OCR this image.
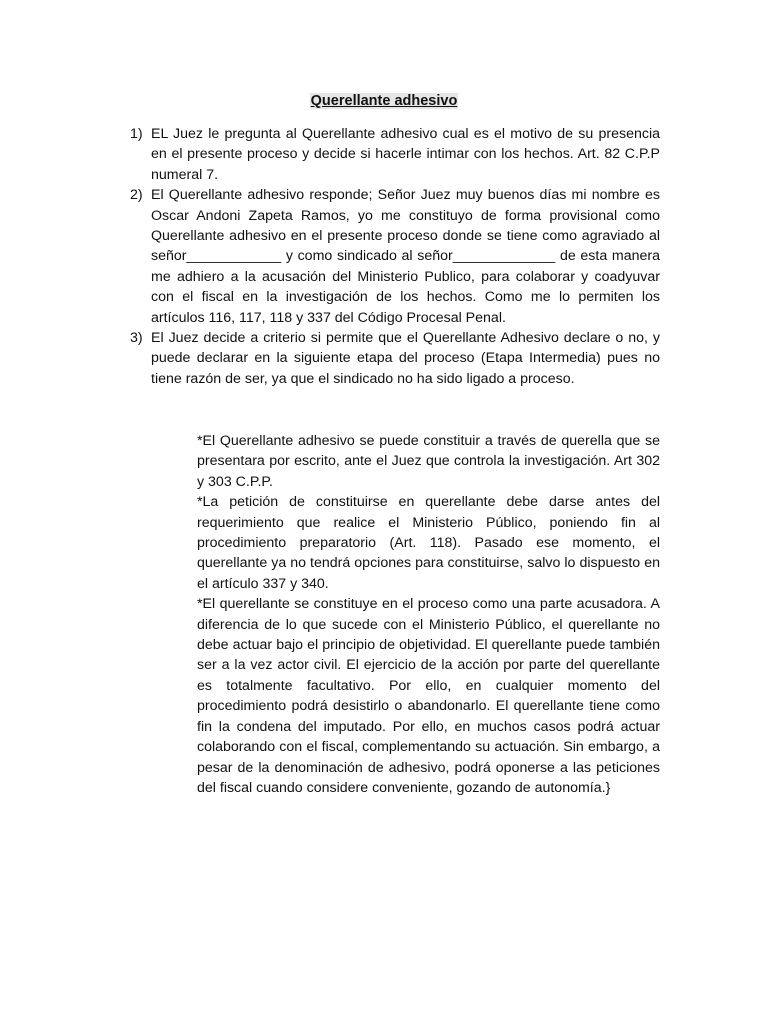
Querellante adhesivo
1) EL Juez le pregunta al Querellante adhesivo cual es el motivo de su presencia en el presente proceso y decide si hacerle intimar con los hechos. Art. 82 C.P.P numeral 7.
2) El Querellante adhesivo responde; Señor Juez muy buenos días mi nombre es Oscar Andoni Zapeta Ramos, yo me constituyo de forma provisional como Querellante adhesivo en el presente proceso donde se tiene como agraviado al señor____________ y como sindicado al señor_____________ de esta manera me adhiero a la acusación del Ministerio Publico, para colaborar y coadyuvar con el fiscal en la investigación de los hechos. Como me lo permiten los artículos 116, 117, 118 y 337 del Código Procesal Penal.
3) El Juez decide a criterio si permite que el Querellante Adhesivo declare o no, y puede declarar en la siguiente etapa del proceso (Etapa Intermedia) pues no tiene razón de ser, ya que el sindicado no ha sido ligado a proceso.

*El Querellante adhesivo se puede constituir a través de querella que se presentara por escrito, ante el Juez que controla la investigación. Art 302 y 303 C.P.P.

*La petición de constituirse en querellante debe darse antes del requerimiento que realice el Ministerio Público, poniendo fin al procedimiento preparatorio (Art. 118). Pasado ese momento, el querellante ya no tendrá opciones para constituirse, salvo lo dispuesto en el artículo 337 y 340.

*El querellante se constituye en el proceso como una parte acusadora. A diferencia de lo que sucede con el Ministerio Público, el querellante no debe actuar bajo el principio de objetividad. El querellante puede también ser a la vez actor civil. El ejercicio de la acción por parte del querellante es totalmente facultativo. Por ello, en cualquier momento del procedimiento podrá desistirlo o abandonarlo. El querellante tiene como fin la condena del imputado. Por ello, en muchos casos podrá actuar colaborando con el fiscal, complementando su actuación. Sin embargo, a pesar de la denominación de adhesivo, podrá oponerse a las peticiones del fiscal cuando considere conveniente, gozando de autonomía.}
